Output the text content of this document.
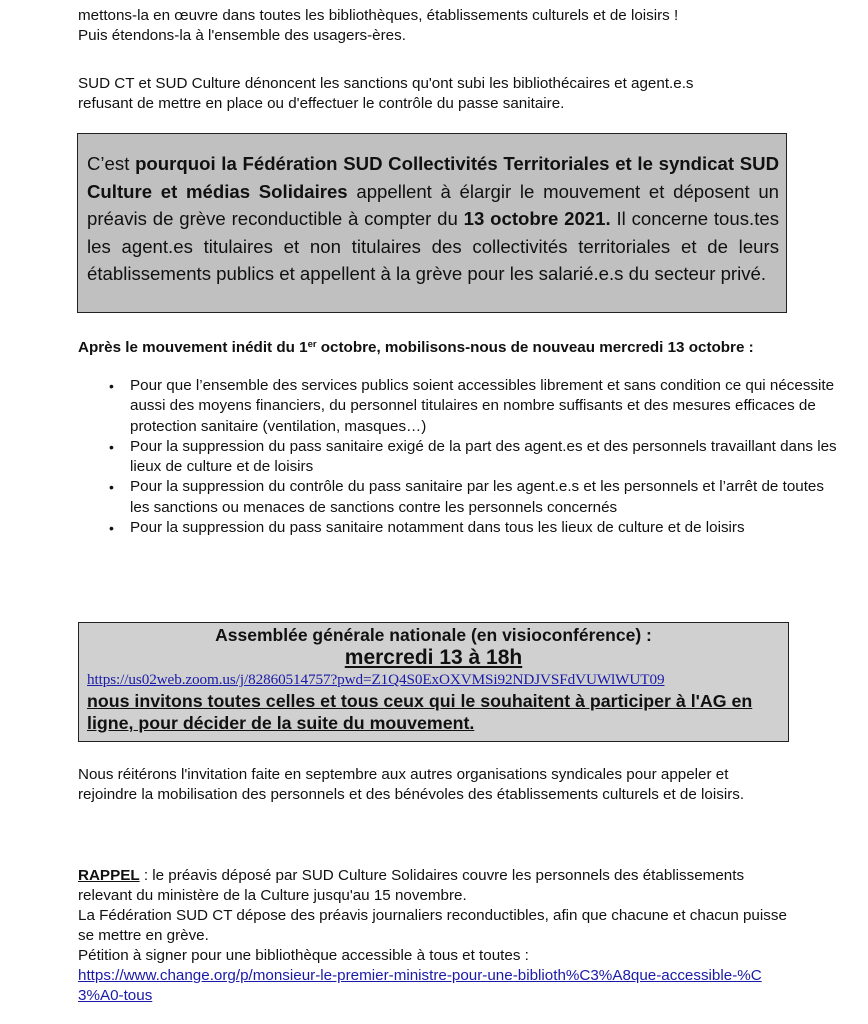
mettons-la en œuvre dans toutes les bibliothèques, établissements culturels et de loisirs !
Puis étendons-la à l'ensemble des usagers-ères.
SUD CT et SUD Culture dénoncent les sanctions qu'ont subi les bibliothécaires et agent.e.s refusant de mettre en place ou d'effectuer le contrôle du passe sanitaire.
C’est pourquoi la Fédération SUD Collectivités Territoriales et le syndicat SUD Culture et médias Solidaires appellent à élargir le mouvement et déposent un préavis de grève reconductible à compter du 13 octobre 2021. Il concerne tous.tes les agent.es titulaires et non titulaires des collectivités territoriales et de leurs établissements publics et appellent à la grève pour les salarié.e.s du secteur privé.
Après le mouvement inédit du 1er octobre, mobilisons-nous de nouveau mercredi 13 octobre :
• Pour que l’ensemble des services publics soient accessibles librement et sans condition ce qui nécessite aussi des moyens financiers, du personnel titulaires en nombre suffisants et des mesures efficaces de protection sanitaire (ventilation, masques…)
• Pour la suppression du pass sanitaire exigé de la part des agent.es et des personnels travaillant dans les lieux de culture et de loisirs
• Pour la suppression du contrôle du pass sanitaire par les agent.e.s et les personnels et l’arrêt de toutes les sanctions ou menaces de sanctions contre les personnels concernés
• Pour la suppression du pass sanitaire notamment dans tous les lieux de culture et de loisirs
Assemblée générale nationale (en visioconférence) :
mercredi 13 à 18h
https://us02web.zoom.us/j/82860514757?pwd=Z1Q4S0ExOXVMSi92NDJVSFdVUWlWUT09
nous invitons toutes celles et tous ceux qui le souhaitent à participer à l'AG en ligne, pour décider de la suite du mouvement.
Nous réitérons l'invitation faite en septembre aux autres organisations syndicales pour appeler et rejoindre la mobilisation des personnels et des bénévoles des établissements culturels et de loisirs.
RAPPEL : le préavis déposé par SUD Culture Solidaires couvre les personnels des établissements relevant du ministère de la Culture jusqu'au 15 novembre.
La Fédération SUD CT dépose des préavis journaliers reconductibles, afin que chacune et chacun puisse se mettre en grève.
Pétition à signer pour une bibliothèque accessible à tous et toutes :
https://www.change.org/p/monsieur-le-premier-ministre-pour-une-biblioth%C3%A8que-accessible-%C3%A0-tous
